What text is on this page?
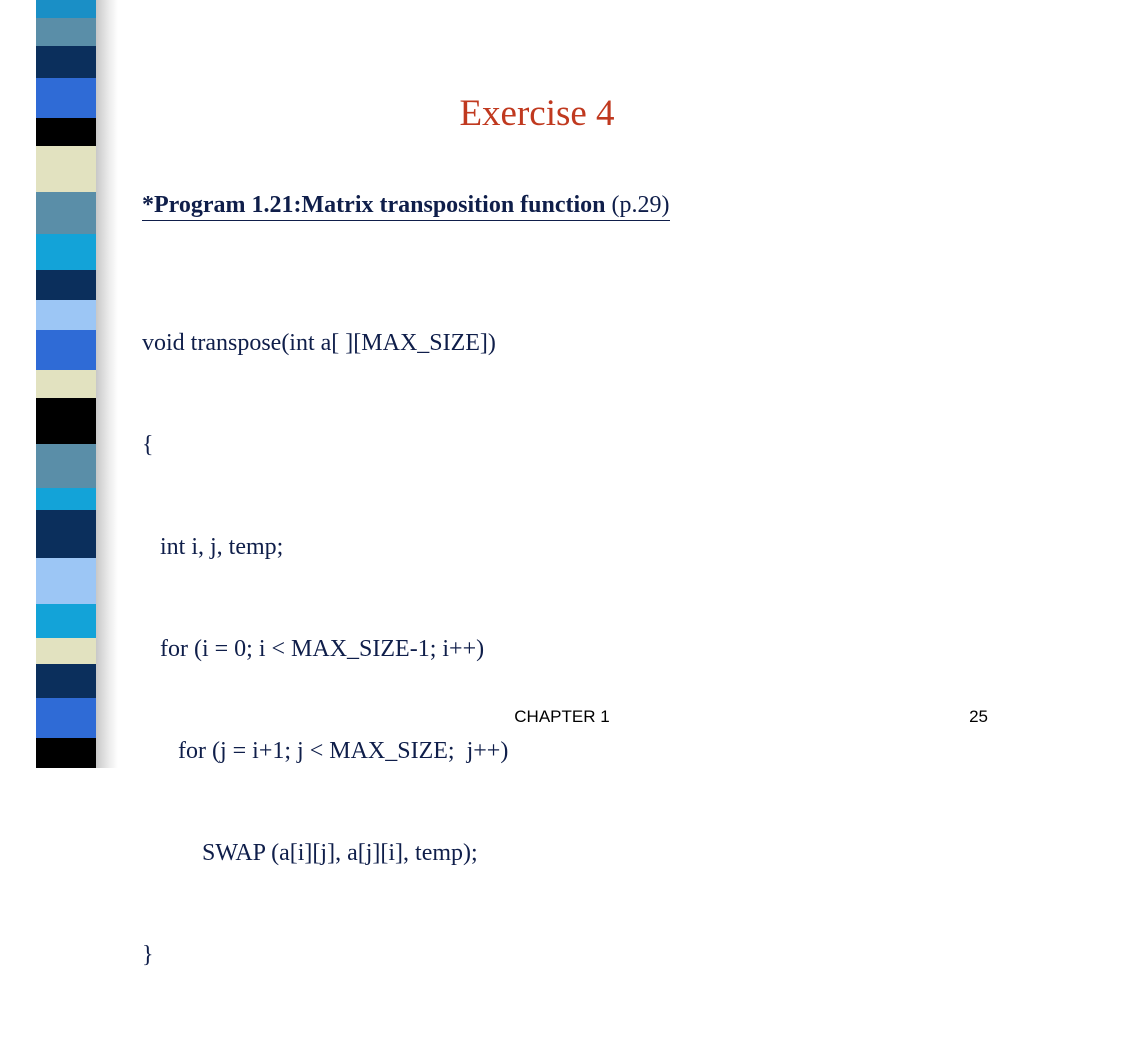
Exercise 4
*Program 1.21:Matrix transposition function (p.29)

void transpose(int a[ ][MAX_SIZE])

{

int i, j, temp;

for (i = 0; i < MAX_SIZE-1; i++)

for (j = i+1; j < MAX_SIZE;  j++)

SWAP (a[i][j], a[j][i], temp);

}

CHAPTER 1	25
